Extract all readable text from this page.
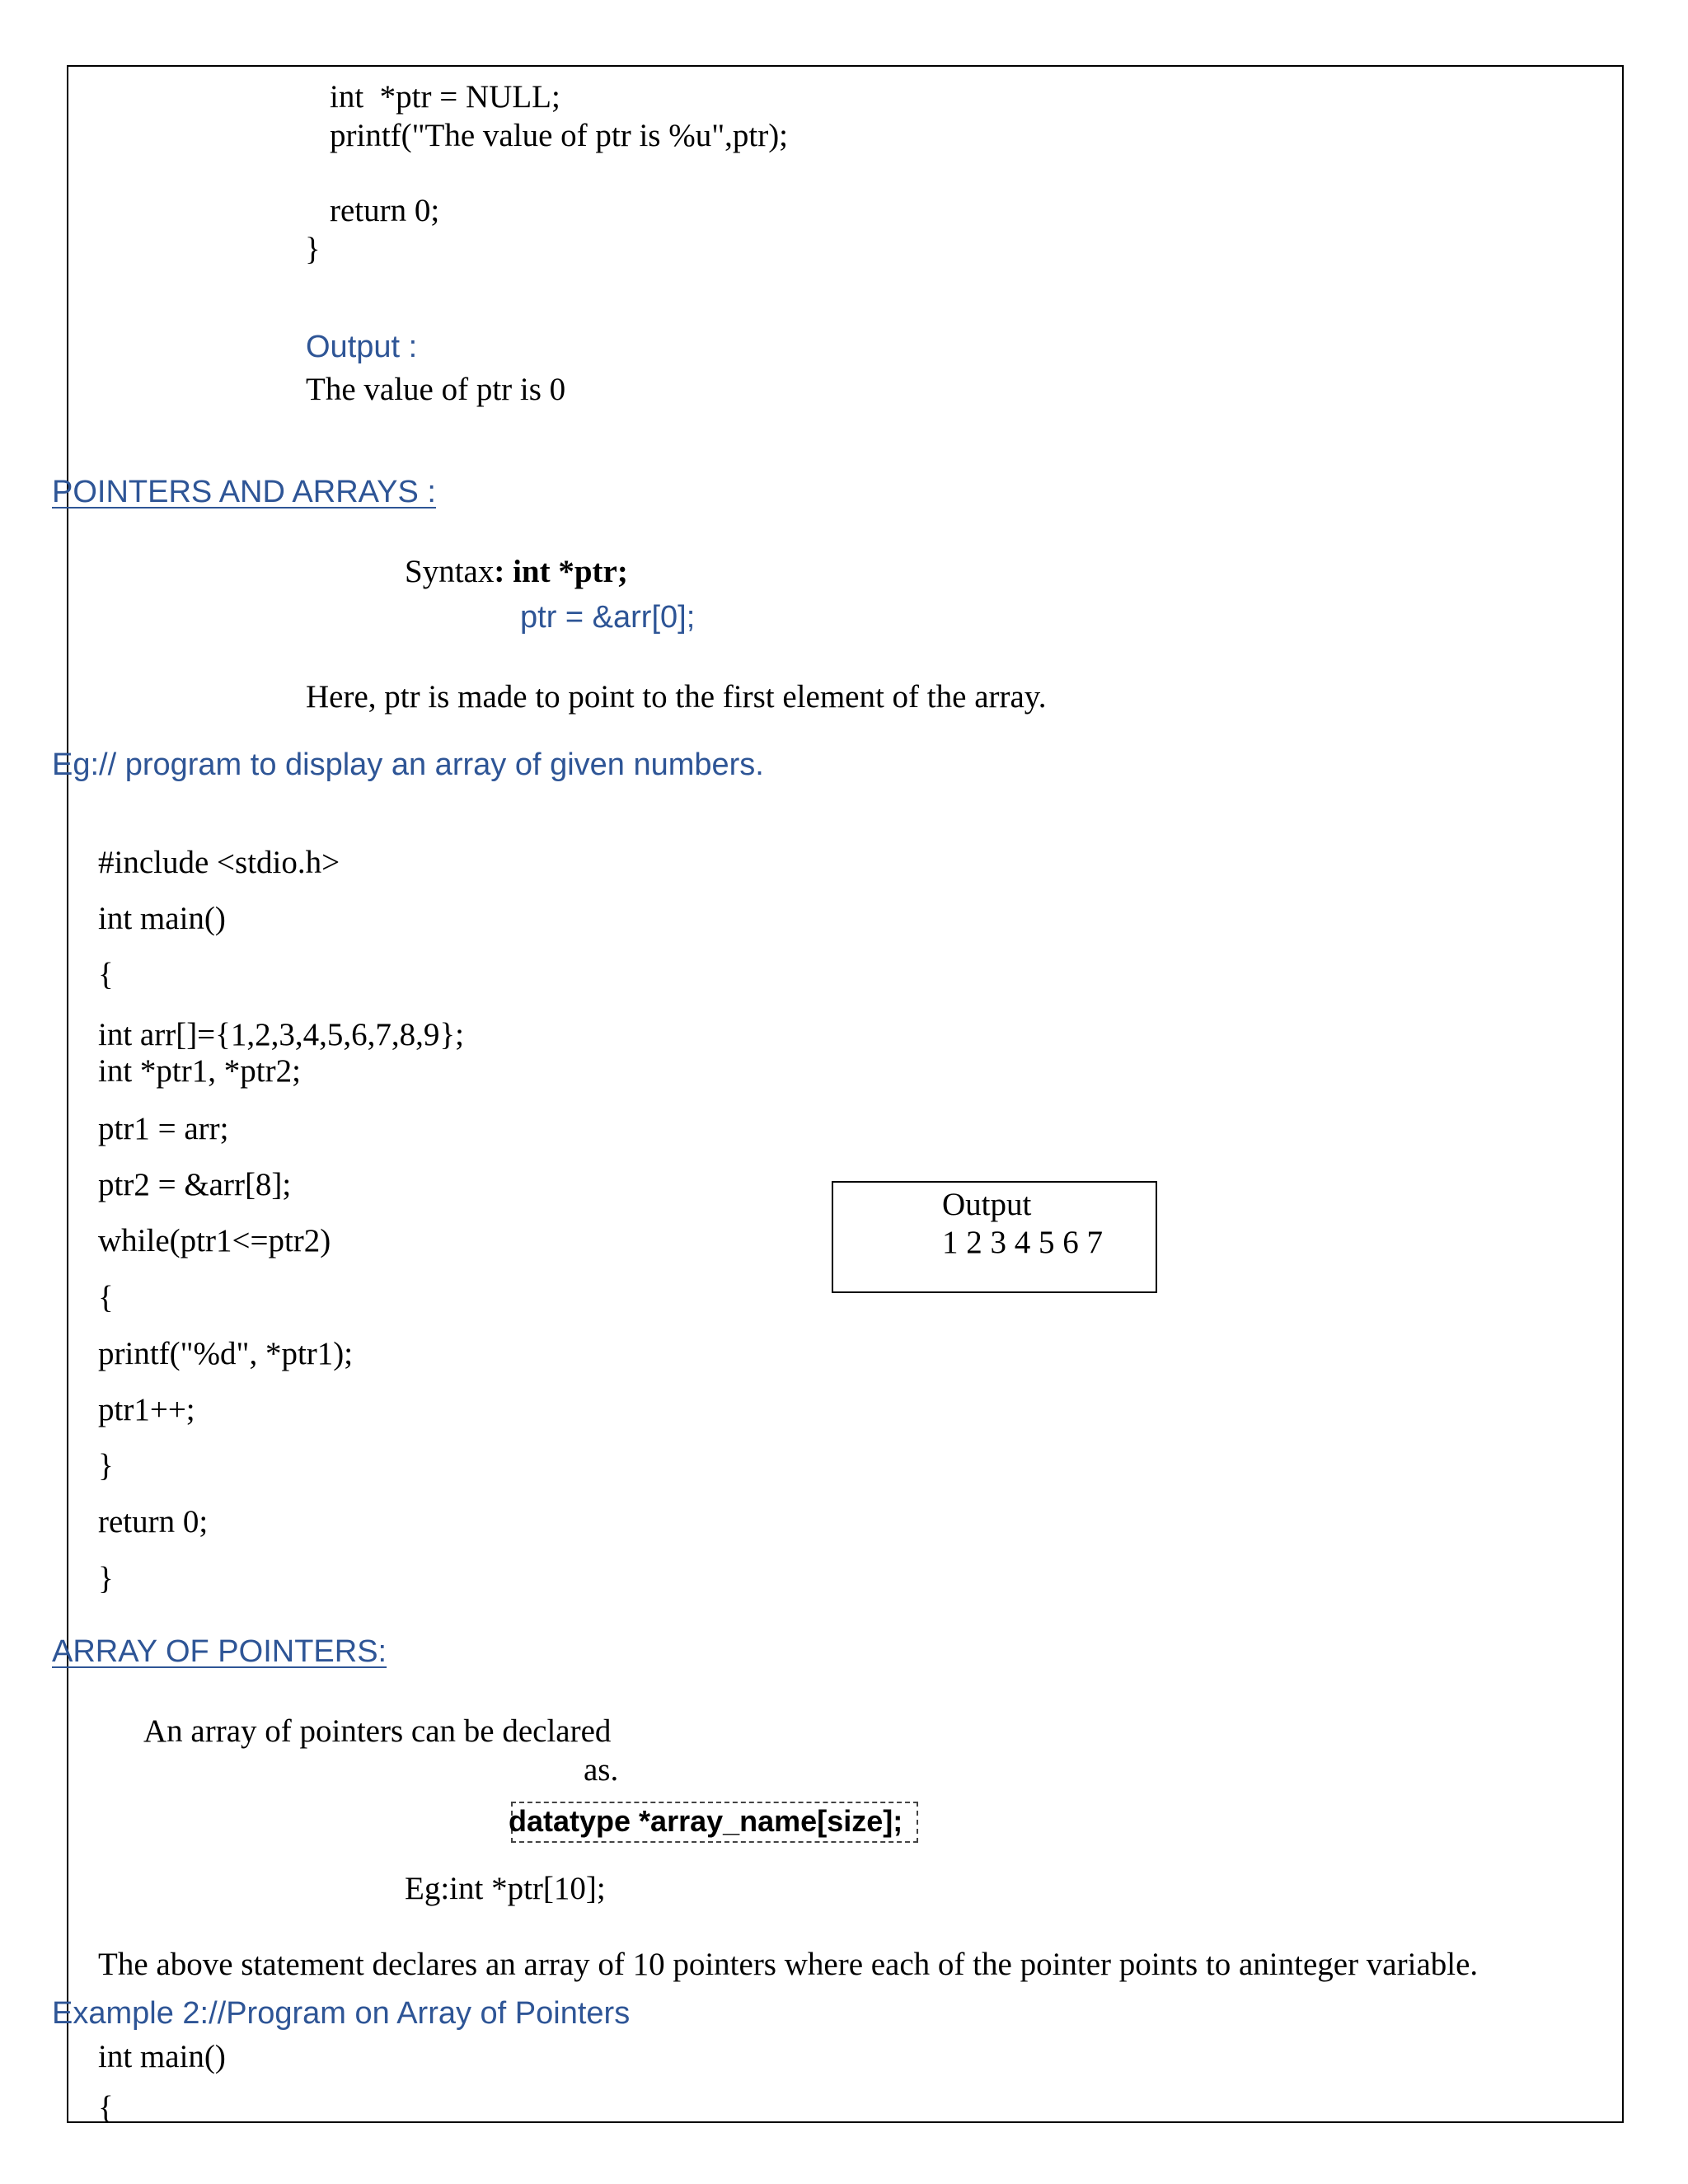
int  *ptr = NULL;
printf("The value of ptr is %u",ptr);
return 0;
}
Output :
The value of ptr is 0
POINTERS AND ARRAYS :
Syntax: int *ptr;
ptr = &arr[0];
Here, ptr is made to point to the first element of the array.
Eg:// program to display an array of given numbers.
#include <stdio.h>
int main()
{
int arr[]={1,2,3,4,5,6,7,8,9};
int *ptr1, *ptr2;
ptr1 = arr;
ptr2 = &arr[8];
while(ptr1<=ptr2)
{
printf("%d", *ptr1);
ptr1++;
}
return 0;
}
Output
1 2 3 4 5 6 7
ARRAY OF POINTERS:
An array of pointers can be declared
as.
datatype *array_name[size];
Eg:int *ptr[10];
The above statement declares an array of 10 pointers where each of the pointer points to aninteger variable.
Example 2://Program on Array of Pointers
int main()
{
